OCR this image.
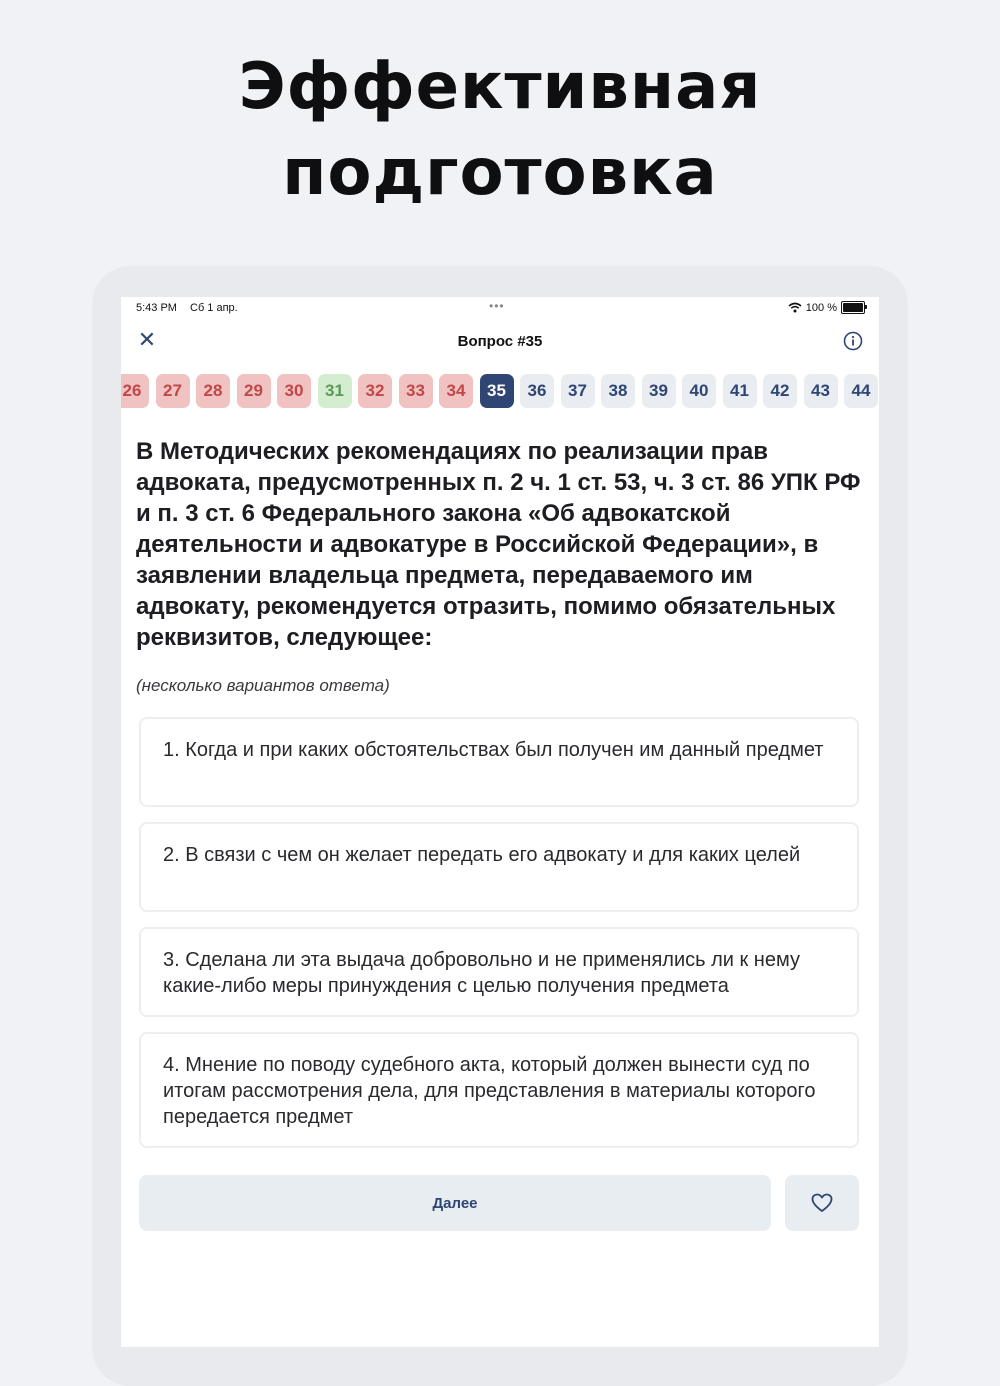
Эффективная
подготовка
5:43 PM Сб 1 апр.	•••	100 %
✕	Вопрос #35
26	27	28	29	30	31	32	33	34	35	36	37	38	39	40	41	42	43	44
В Методических рекомендациях по реализации прав адвоката, предусмотренных п. 2 ч. 1 ст. 53, ч. 3 ст. 86 УПК РФ и п. 3 ст. 6 Федерального закона «Об адвокатской деятельности и адвокатуре в Российской Федерации», в заявлении владельца предмета, передаваемого им адвокату, рекомендуется отразить, помимо обязательных реквизитов, следующее:
(несколько вариантов ответа)
1. Когда и при каких обстоятельствах был получен им данный предмет
2. В связи с чем он желает передать его адвокату и для каких целей
3. Сделана ли эта выдача добровольно и не применялись ли к нему какие-либо меры принуждения с целью получения предмета
4. Мнение по поводу судебного акта, который должен вынести суд по итогам рассмотрения дела, для представления в материалы которого передается предмет
Далее
